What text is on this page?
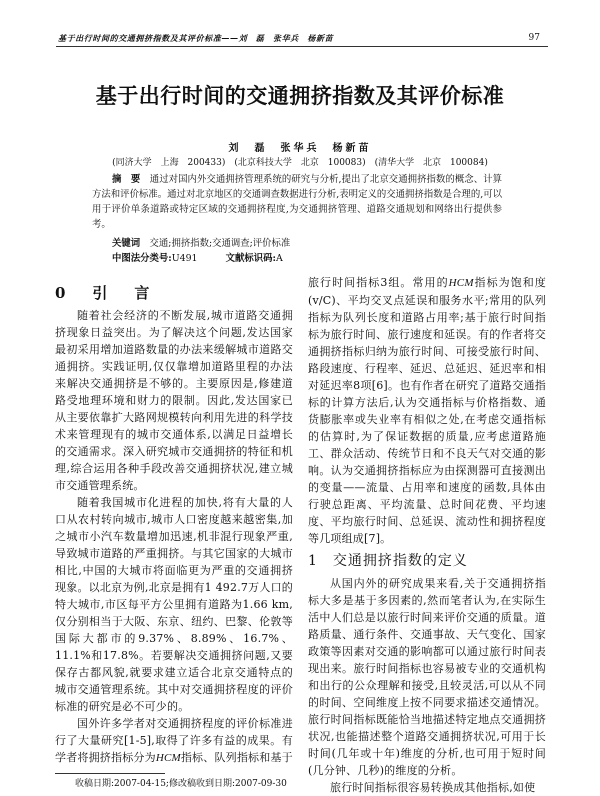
基于出行时间的交通拥挤指数及其评价标准——刘　磊　张华兵　杨新苗	97
基于出行时间的交通拥挤指数及其评价标准
刘　磊　张华兵　杨新苗
(同济大学　上海 200433)　(北京科技大学　北京 100083)　(清华大学　北京 100084)
摘　要　 通过对国内外交通拥挤管理系统的研究与分析,提出了北京交通拥挤指数的概念、计算方法和评价标准。通过对北京地区的交通调查数据进行分析,表明定义的交通拥挤指数是合理的,可以用于评价单条道路或特定区域的交通拥挤程度,为交通拥挤管理、道路交通规划和网络出行提供参考。
关键词　 交通;拥挤指数;交通调查;评价标准
中图法分类号:U491　　　	文献标识码:A
0　引　言

随着社会经济的不断发展,城市道路交通拥挤现象日益突出。为了解决这个问题,发达国家最初采用增加道路数量的办法来缓解城市道路交通拥挤。实践证明,仅仅靠增加道路里程的办法来解决交通拥挤是不够的。主要原因是,修建道路受地理环境和财力的限制。因此,发达国家已从主要依靠扩大路网规模转向利用先进的科学技术来管理现有的城市交通体系,以满足日益增长的交通需求。深入研究城市交通拥挤的特征和机理,综合运用各种手段改善交通拥挤状况,建立城市交通管理系统。

随着我国城市化进程的加快,将有大量的人口从农村转向城市,城市人口密度越来越密集,加之城市小汽车数量增加迅速,机非混行现象严重,导致城市道路的严重拥挤。与其它国家的大城市相比,中国的大城市将面临更为严重的交通拥挤现象。以北京为例,北京是拥有1 492.7万人口的特大城市,市区每平方公里拥有道路为1.66 km,仅分别相当于大阪、东京、纽约、巴黎、伦敦等国际大都市的9.37%、8.89%、16.7%、11.1%和17.8%。若要解决交通拥挤问题,又要保存古都风貌,就要求建立适合北京交通特点的城市交通管理系统。其中对交通拥挤程度的评价标准的研究是必不可少的。

国外许多学者对交通拥挤程度的评价标准进行了大量研究[1-5],取得了许多有益的成果。有学者将拥挤指标分为HCM指标、队列指标和基于

收稿日期:2007-04-15;修改稿收到日期:2007-09-30

旅行时间指标3组。常用的HCM指标为饱和度(v/C)、平均交叉点延误和服务水平;常用的队列指标为队列长度和道路占用率;基于旅行时间指标为旅行时间、旅行速度和延误。有的作者将交通拥挤指标归纳为旅行时间、可接受旅行时间、路段速度、行程率、延迟、总延迟、延迟率和相对延迟率8项[6]。也有作者在研究了道路交通指标的计算方法后,认为交通指标与价格指数、通货膨胀率或失业率有相似之处,在考虑交通指标的估算时,为了保证数据的质量,应考虑道路施工、群众活动、传统节日和不良天气对交通的影响。认为交通拥挤指标应为由探测器可直接测出的变量——流量、占用率和速度的函数,具体由行驶总距离、平均流量、总时间花费、平均速度、平均旅行时间、总延误、流动性和拥挤程度等几项组成[7]。

1　交通拥挤指数的定义

从国内外的研究成果来看,关于交通拥挤指标大多是基于多因素的,然而笔者认为,在实际生活中人们总是以旅行时间来评价交通的质量。道路质量、通行条件、交通事故、天气变化、国家政策等因素对交通的影响都可以通过旅行时间表现出来。旅行时间指标也容易被专业的交通机构和出行的公众理解和接受,且较灵活,可以从不同的时间、空间维度上按不同要求描述交通情况。旅行时间指标既能恰当地描述特定地点交通拥挤状况,也能描述整个道路交通拥挤状况,可用于长时间(几年或十年)维度的分析,也可用于短时间(几分钟、几秒)的维度的分析。

旅行时间指标很容易转换成其他指标,如使
